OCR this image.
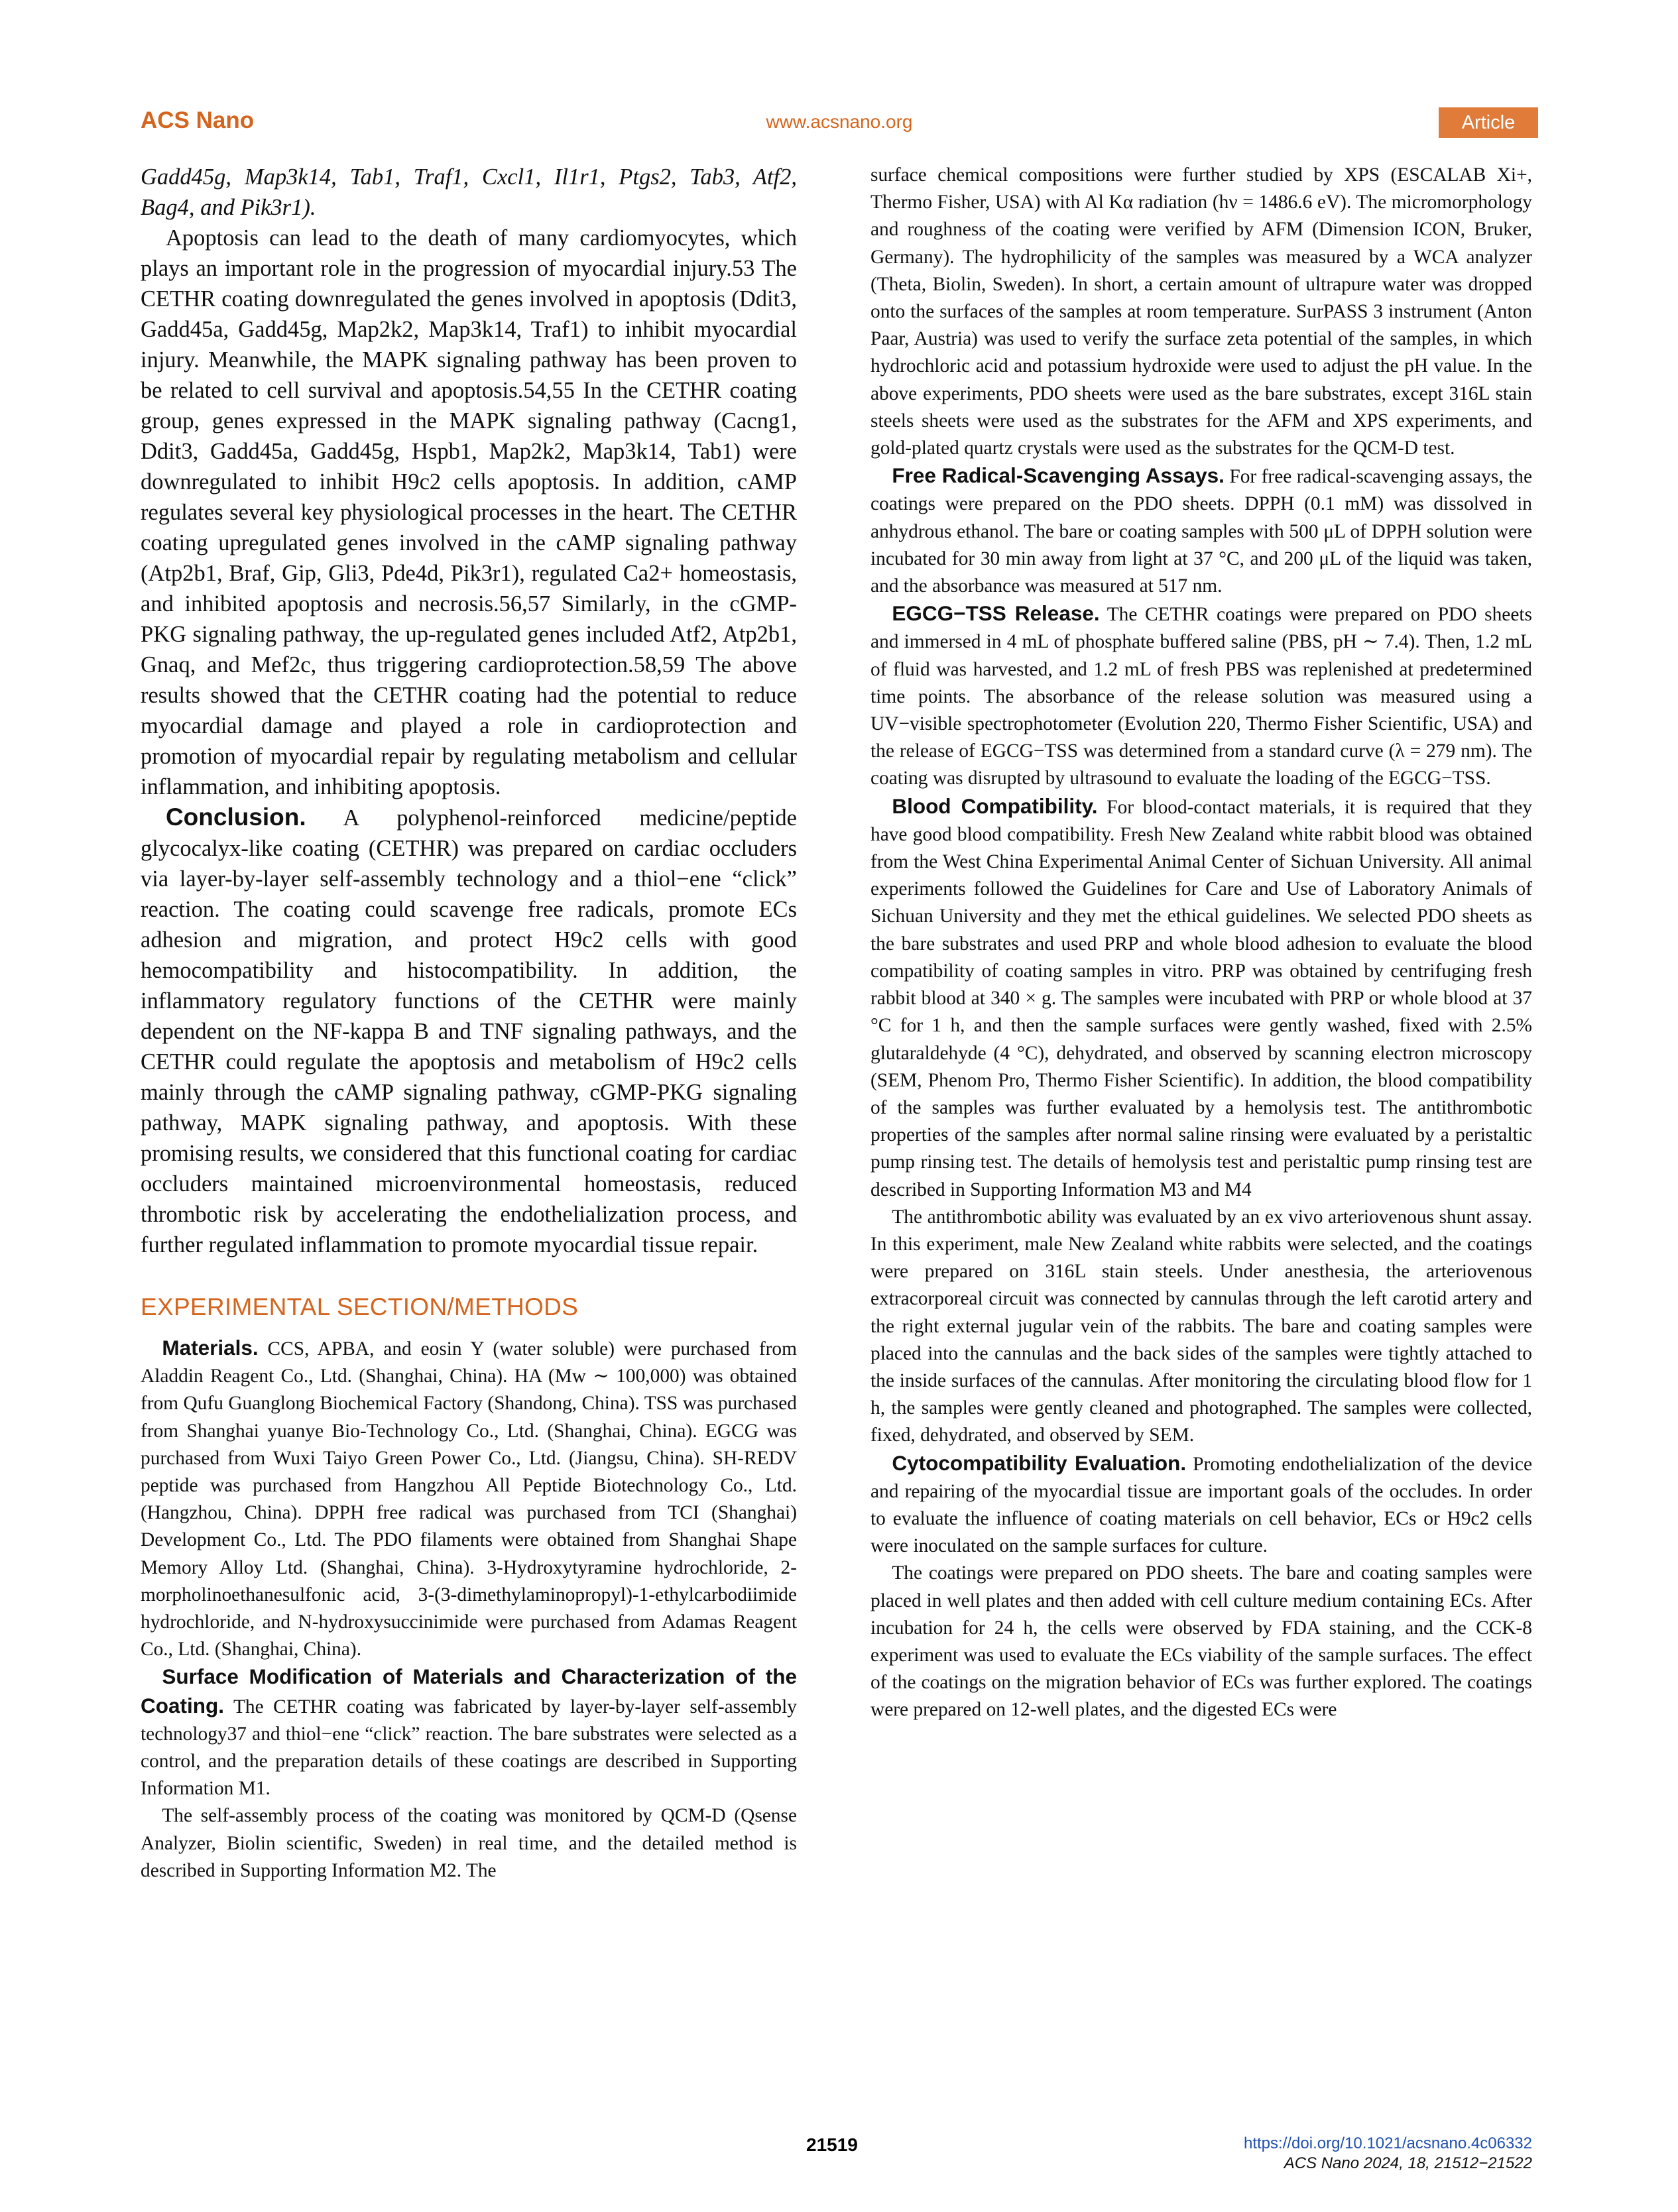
ACS Nano	www.acsnano.org	Article

Gadd45g, Map3k14, Tab1, Traf1, Cxcl1, Il1r1, Ptgs2, Tab3, Atf2, Bag4, and Pik3r1).

Apoptosis can lead to the death of many cardiomyocytes, which plays an important role in the progression of myocardial injury.53 The CETHR coating downregulated the genes involved in apoptosis (Ddit3, Gadd45a, Gadd45g, Map2k2, Map3k14, Traf1) to inhibit myocardial injury. Meanwhile, the MAPK signaling pathway has been proven to be related to cell survival and apoptosis.54,55 In the CETHR coating group, genes expressed in the MAPK signaling pathway (Cacng1, Ddit3, Gadd45a, Gadd45g, Hspb1, Map2k2, Map3k14, Tab1) were downregulated to inhibit H9c2 cells apoptosis. In addition, cAMP regulates several key physiological processes in the heart. The CETHR coating upregulated genes involved in the cAMP signaling pathway (Atp2b1, Braf, Gip, Gli3, Pde4d, Pik3r1), regulated Ca2+ homeostasis, and inhibited apoptosis and necrosis.56,57 Similarly, in the cGMP-PKG signaling pathway, the up-regulated genes included Atf2, Atp2b1, Gnaq, and Mef2c, thus triggering cardioprotection.58,59 The above results showed that the CETHR coating had the potential to reduce myocardial damage and played a role in cardioprotection and promotion of myocardial repair by regulating metabolism and cellular inflammation, and inhibiting apoptosis.

Conclusion. A polyphenol-reinforced medicine/peptide glycocalyx-like coating (CETHR) was prepared on cardiac occluders via layer-by-layer self-assembly technology and a thiol−ene “click” reaction. The coating could scavenge free radicals, promote ECs adhesion and migration, and protect H9c2 cells with good hemocompatibility and histocompatibility. In addition, the inflammatory regulatory functions of the CETHR were mainly dependent on the NF-kappa B and TNF signaling pathways, and the CETHR could regulate the apoptosis and metabolism of H9c2 cells mainly through the cAMP signaling pathway, cGMP-PKG signaling pathway, MAPK signaling pathway, and apoptosis. With these promising results, we considered that this functional coating for cardiac occluders maintained microenvironmental homeostasis, reduced thrombotic risk by accelerating the endothelialization process, and further regulated inflammation to promote myocardial tissue repair.

EXPERIMENTAL SECTION/METHODS

Materials. CCS, APBA, and eosin Y (water soluble) were purchased from Aladdin Reagent Co., Ltd. (Shanghai, China). HA (Mw ∼ 100,000) was obtained from Qufu Guanglong Biochemical Factory (Shandong, China). TSS was purchased from Shanghai yuanye Bio-Technology Co., Ltd. (Shanghai, China). EGCG was purchased from Wuxi Taiyo Green Power Co., Ltd. (Jiangsu, China). SH-REDV peptide was purchased from Hangzhou All Peptide Biotechnology Co., Ltd.(Hangzhou, China). DPPH free radical was purchased from TCI (Shanghai) Development Co., Ltd. The PDO filaments were obtained from Shanghai Shape Memory Alloy Ltd. (Shanghai, China). 3-Hydroxytyramine hydrochloride, 2-morpholinoethanesulfonic acid, 3-(3-dimethylaminopropyl)-1-ethylcarbodiimide hydrochloride, and N-hydroxysuccinimide were purchased from Adamas Reagent Co., Ltd. (Shanghai, China).

Surface Modification of Materials and Characterization of the Coating. The CETHR coating was fabricated by layer-by-layer self-assembly technology37 and thiol−ene “click” reaction. The bare substrates were selected as a control, and the preparation details of these coatings are described in Supporting Information M1.

The self-assembly process of the coating was monitored by QCM-D (Qsense Analyzer, Biolin scientific, Sweden) in real time, and the detailed method is described in Supporting Information M2. The

surface chemical compositions were further studied by XPS (ESCALAB Xi+, Thermo Fisher, USA) with Al Kα radiation (hν = 1486.6 eV). The micromorphology and roughness of the coating were verified by AFM (Dimension ICON, Bruker, Germany). The hydrophilicity of the samples was measured by a WCA analyzer (Theta, Biolin, Sweden). In short, a certain amount of ultrapure water was dropped onto the surfaces of the samples at room temperature. SurPASS 3 instrument (Anton Paar, Austria) was used to verify the surface zeta potential of the samples, in which hydrochloric acid and potassium hydroxide were used to adjust the pH value. In the above experiments, PDO sheets were used as the bare substrates, except 316L stain steels sheets were used as the substrates for the AFM and XPS experiments, and gold-plated quartz crystals were used as the substrates for the QCM-D test.

Free Radical-Scavenging Assays. For free radical-scavenging assays, the coatings were prepared on the PDO sheets. DPPH (0.1 mM) was dissolved in anhydrous ethanol. The bare or coating samples with 500 μL of DPPH solution were incubated for 30 min away from light at 37 °C, and 200 μL of the liquid was taken, and the absorbance was measured at 517 nm.

EGCG−TSS Release. The CETHR coatings were prepared on PDO sheets and immersed in 4 mL of phosphate buffered saline (PBS, pH ∼ 7.4). Then, 1.2 mL of fluid was harvested, and 1.2 mL of fresh PBS was replenished at predetermined time points. The absorbance of the release solution was measured using a UV−visible spectrophotometer (Evolution 220, Thermo Fisher Scientific, USA) and the release of EGCG−TSS was determined from a standard curve (λ = 279 nm). The coating was disrupted by ultrasound to evaluate the loading of the EGCG−TSS.

Blood Compatibility. For blood-contact materials, it is required that they have good blood compatibility. Fresh New Zealand white rabbit blood was obtained from the West China Experimental Animal Center of Sichuan University. All animal experiments followed the Guidelines for Care and Use of Laboratory Animals of Sichuan University and they met the ethical guidelines. We selected PDO sheets as the bare substrates and used PRP and whole blood adhesion to evaluate the blood compatibility of coating samples in vitro. PRP was obtained by centrifuging fresh rabbit blood at 340 × g. The samples were incubated with PRP or whole blood at 37 °C for 1 h, and then the sample surfaces were gently washed, fixed with 2.5% glutaraldehyde (4 °C), dehydrated, and observed by scanning electron microscopy (SEM, Phenom Pro, Thermo Fisher Scientific). In addition, the blood compatibility of the samples was further evaluated by a hemolysis test. The antithrombotic properties of the samples after normal saline rinsing were evaluated by a peristaltic pump rinsing test. The details of hemolysis test and peristaltic pump rinsing test are described in Supporting Information M3 and M4

The antithrombotic ability was evaluated by an ex vivo arteriovenous shunt assay. In this experiment, male New Zealand white rabbits were selected, and the coatings were prepared on 316L stain steels. Under anesthesia, the arteriovenous extracorporeal circuit was connected by cannulas through the left carotid artery and the right external jugular vein of the rabbits. The bare and coating samples were placed into the cannulas and the back sides of the samples were tightly attached to the inside surfaces of the cannulas. After monitoring the circulating blood flow for 1 h, the samples were gently cleaned and photographed. The samples were collected, fixed, dehydrated, and observed by SEM.

Cytocompatibility Evaluation. Promoting endothelialization of the device and repairing of the myocardial tissue are important goals of the occludes. In order to evaluate the influence of coating materials on cell behavior, ECs or H9c2 cells were inoculated on the sample surfaces for culture.

The coatings were prepared on PDO sheets. The bare and coating samples were placed in well plates and then added with cell culture medium containing ECs. After incubation for 24 h, the cells were observed by FDA staining, and the CCK-8 experiment was used to evaluate the ECs viability of the sample surfaces. The effect of the coatings on the migration behavior of ECs was further explored. The coatings were prepared on 12-well plates, and the digested ECs were

21519	https://doi.org/10.1021/acsnano.4c06332
ACS Nano 2024, 18, 21512−21522
